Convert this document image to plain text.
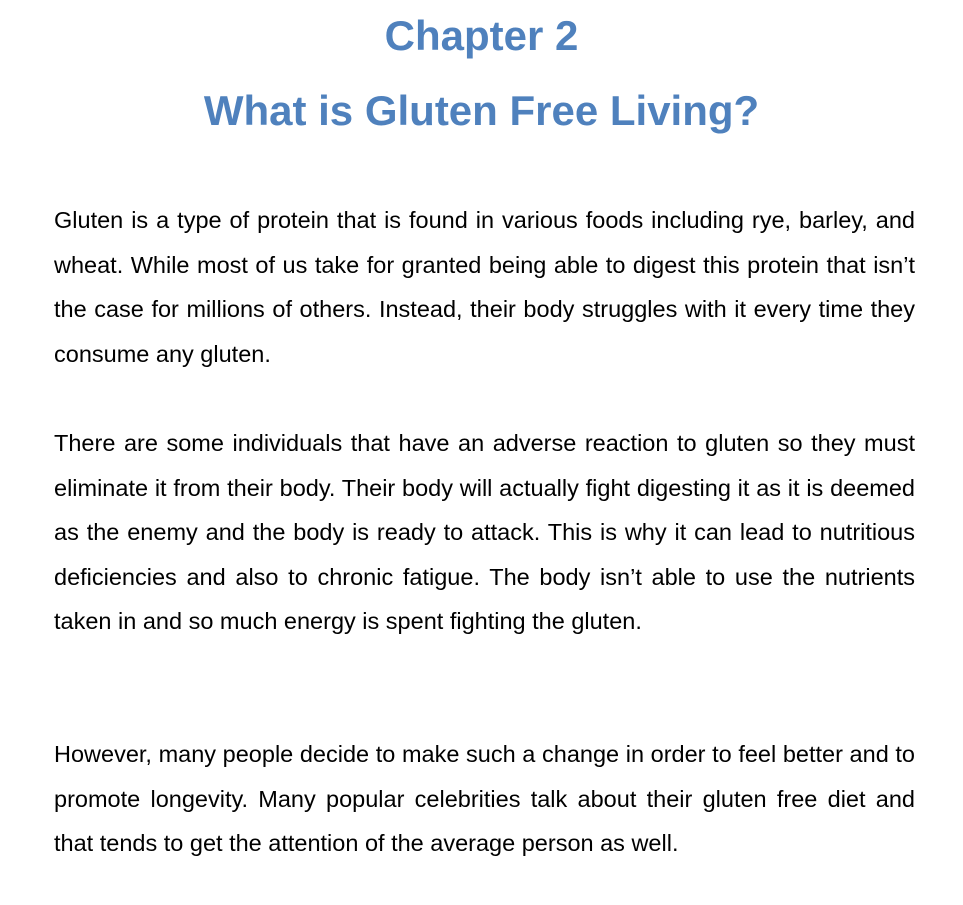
Chapter 2
What is Gluten Free Living?

Gluten is a type of protein that is found in various foods including rye, barley, and wheat. While most of us take for granted being able to digest this protein that isn’t the case for millions of others. Instead, their body struggles with it every time they consume any gluten.

There are some individuals that have an adverse reaction to gluten so they must eliminate it from their body. Their body will actually fight digesting it as it is deemed as the enemy and the body is ready to attack. This is why it can lead to nutritious deficiencies and also to chronic fatigue. The body isn’t able to use the nutrients taken in and so much energy is spent fighting the gluten.

However, many people decide to make such a change in order to feel better and to promote longevity. Many popular celebrities talk about their gluten free diet and that tends to get the attention of the average person as well.
